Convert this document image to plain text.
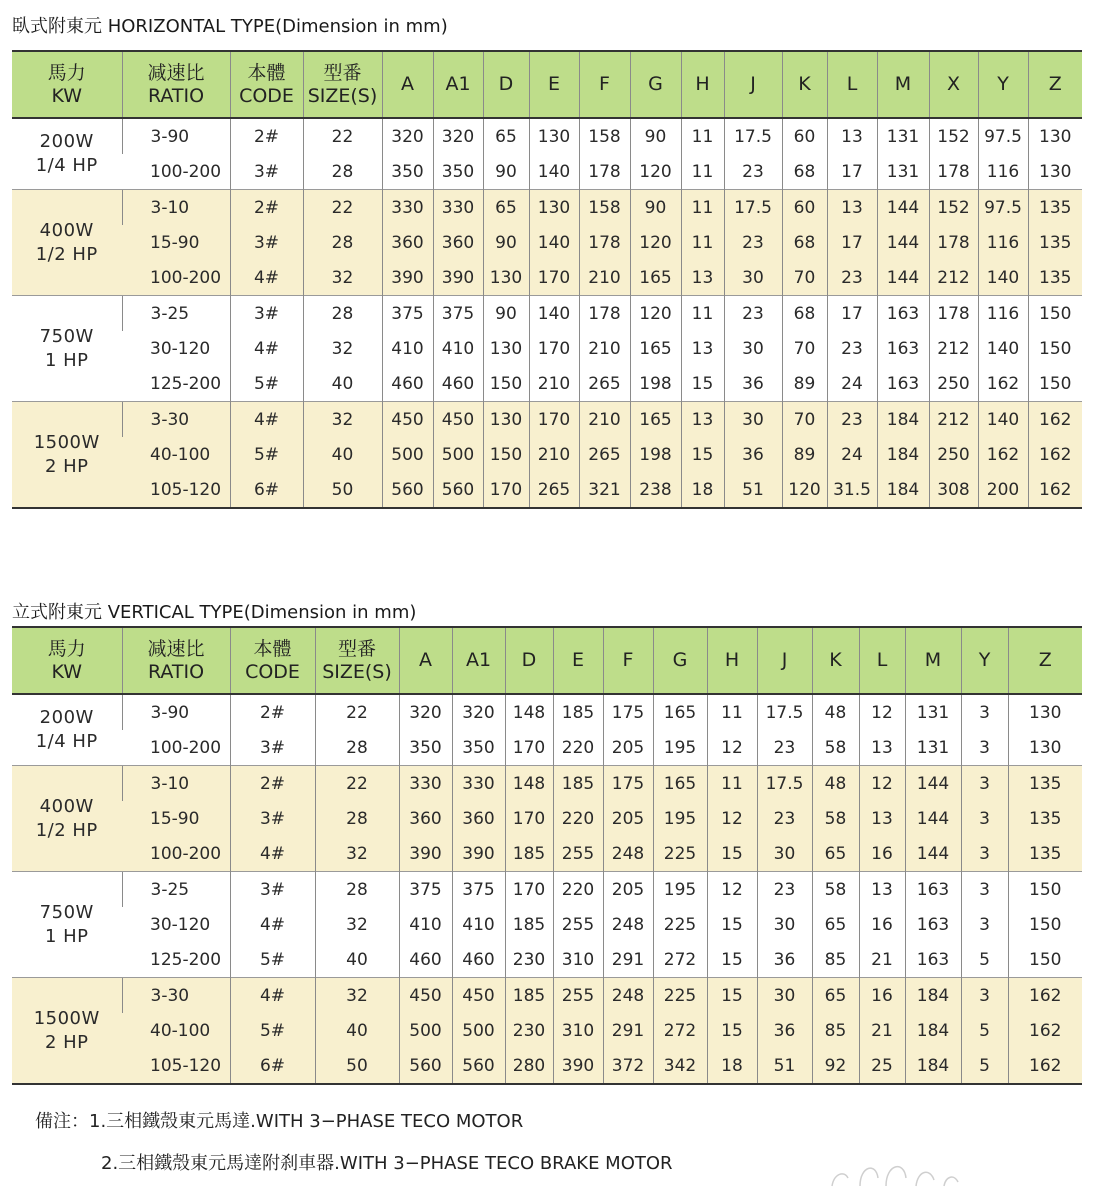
臥式附東元 HORIZONTAL TYPE(Dimension in mm)
馬力
KW	减速比
RATIO	本體
CODE	型番
SIZE(S)	A	A1	D	E	F	G	H	J	K	L	M	X	Y	Z

200W
1/4 HP	3-90	2#	22	320	320	65	130	158	90	11	17.5	60	13	131	152	97.5	130
	100-200	3#	28	350	350	90	140	178	120	11	23	68	17	131	178	116	130

400W
1/2 HP	3-10	2#	22	330	330	65	130	158	90	11	17.5	60	13	144	152	97.5	135
	15-90	3#	28	360	360	90	140	178	120	11	23	68	17	144	178	116	135
	100-200	4#	32	390	390	130	170	210	165	13	30	70	23	144	212	140	135

750W
1 HP	3-25	3#	28	375	375	90	140	178	120	11	23	68	17	163	178	116	150
	30-120	4#	32	410	410	130	170	210	165	13	30	70	23	163	212	140	150
	125-200	5#	40	460	460	150	210	265	198	15	36	89	24	163	250	162	150

1500W
2 HP	3-30	4#	32	450	450	130	170	210	165	13	30	70	23	184	212	140	162
	40-100	5#	40	500	500	150	210	265	198	15	36	89	24	184	250	162	162
	105-120	6#	50	560	560	170	265	321	238	18	51	120	31.5	184	308	200	162
立式附東元 VERTICAL TYPE(Dimension in mm)
馬力
KW	减速比
RATIO	本體
CODE	型番
SIZE(S)	A	A1	D	E	F	G	H	J	K	L	M	Y	Z

200W
1/4 HP	3-90	2#	22	320	320	148	185	175	165	11	17.5	48	12	131	3	130
	100-200	3#	28	350	350	170	220	205	195	12	23	58	13	131	3	130

400W
1/2 HP	3-10	2#	22	330	330	148	185	175	165	11	17.5	48	12	144	3	135
	15-90	3#	28	360	360	170	220	205	195	12	23	58	13	144	3	135
	100-200	4#	32	390	390	185	255	248	225	15	30	65	16	144	3	135

750W
1 HP	3-25	3#	28	375	375	170	220	205	195	12	23	58	13	163	3	150
	30-120	4#	32	410	410	185	255	248	225	15	30	65	16	163	3	150
	125-200	5#	40	460	460	230	310	291	272	15	36	85	21	163	5	150

1500W
2 HP	3-30	4#	32	450	450	185	255	248	225	15	30	65	16	184	3	162
	40-100	5#	40	500	500	230	310	291	272	15	36	85	21	184	5	162
	105-120	6#	50	560	560	280	390	372	342	18	51	92	25	184	5	162
備注：1.三相鐵殼東元馬達.WITH 3−PHASE TECO MOTOR
2.三相鐵殼東元馬達附刹車器.WITH 3−PHASE TECO BRAKE MOTOR
